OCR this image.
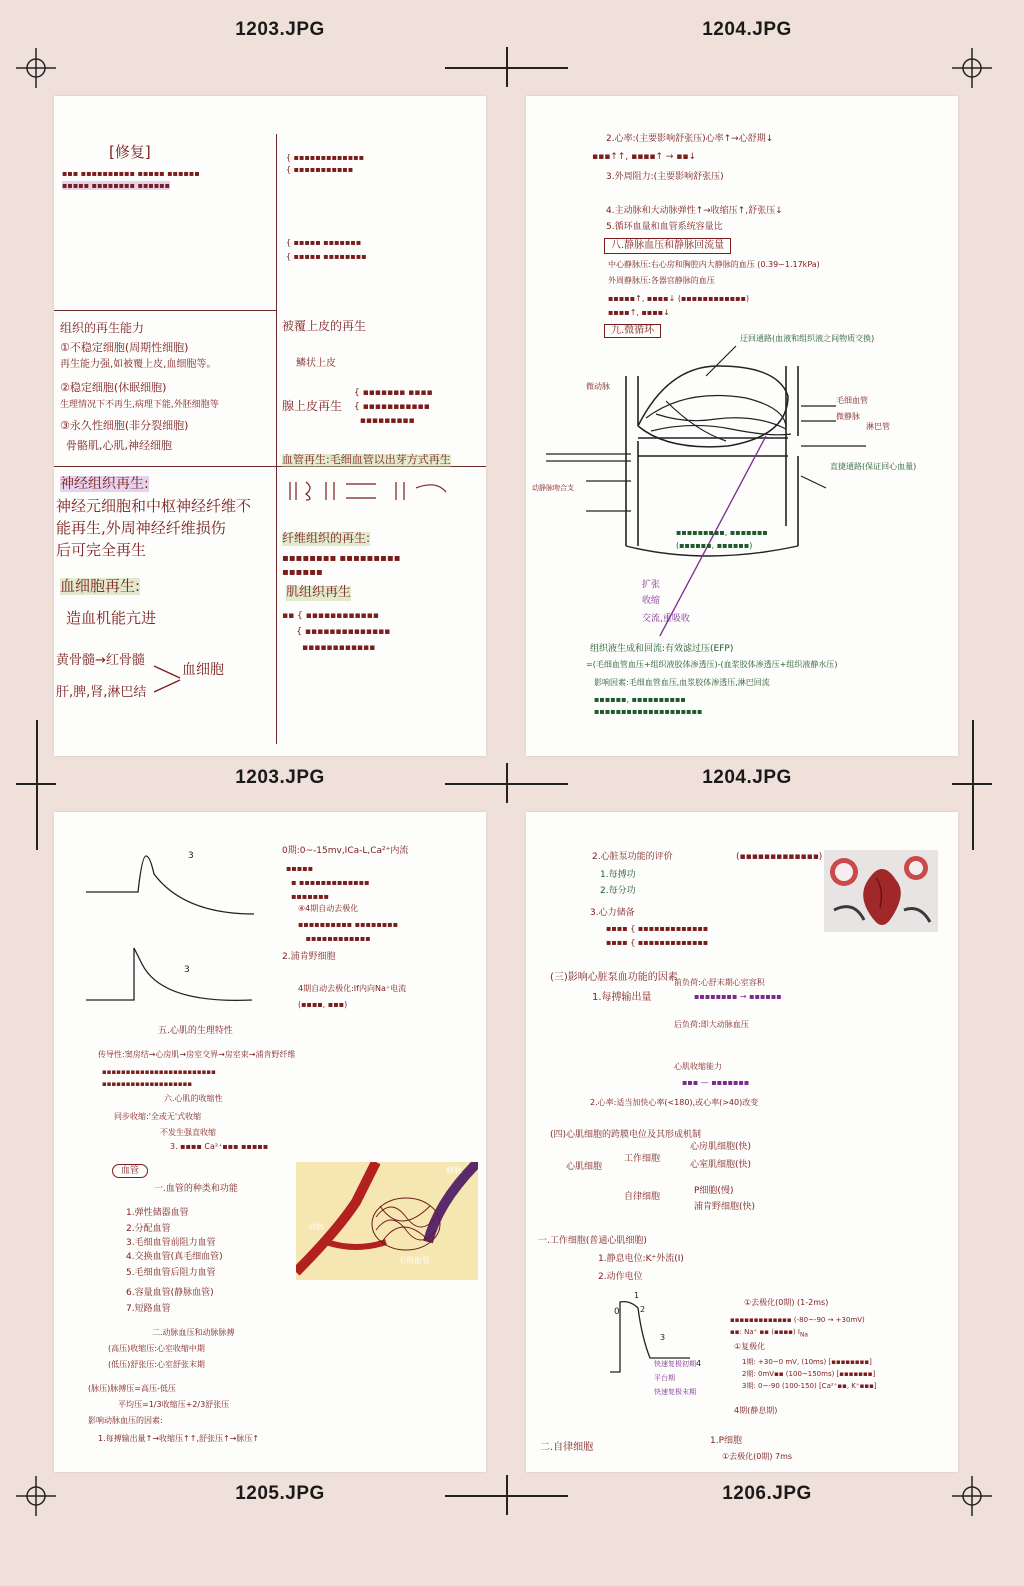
1203.JPG	1204.JPG
1203.JPG	1204.JPG
1205.JPG	1206.JPG
[修复]
▪▪▪ ▪▪▪▪▪▪▪▪▪▪ ▪▪▪▪▪ ▪▪▪▪▪▪
▪▪▪▪▪ ▪▪▪▪▪▪▪▪ ▪▪▪▪▪▪
组织的再生能力
①不稳定细胞(周期性细胞)
再生能力强,如被覆上皮,血细胞等。
②稳定细胞(休眠细胞)
生理情况下不再生,病理下能,外胚细胞等
③永久性细胞(非分裂细胞)
骨骼肌,心肌,神经细胞
神经组织再生:
神经元细胞和中枢神经纤维不
能再生,外周神经纤维损伤
后可完全再生
血细胞再生:
造血机能亢进
黄骨髓→红骨髓
肝,脾,肾,淋巴结
血细胞
{ ▪▪▪▪▪▪▪▪▪▪▪▪▪
{ ▪▪▪▪▪▪▪▪▪▪▪
{ ▪▪▪▪▪ ▪▪▪▪▪▪▪
{ ▪▪▪▪▪ ▪▪▪▪▪▪▪▪
被覆上皮的再生
鳞状上皮
腺上皮再生
{ ▪▪▪▪▪▪▪ ▪▪▪▪
{ ▪▪▪▪▪▪▪▪▪▪▪
▪▪▪▪▪▪▪▪▪
血管再生:毛细血管以出芽方式再生
纤维组织的再生:
▪▪▪▪▪▪▪▪ ▪▪▪▪▪▪▪▪▪
▪▪▪▪▪▪
肌组织再生
▪▪ { ▪▪▪▪▪▪▪▪▪▪▪▪
{ ▪▪▪▪▪▪▪▪▪▪▪▪▪▪
▪▪▪▪▪▪▪▪▪▪▪▪
2.心率:(主要影响舒张压)心率↑→心舒期↓
▪▪▪↑↑, ▪▪▪▪↑ → ▪▪↓
3.外周阻力:(主要影响舒张压)
4.主动脉和大动脉弹性↑→收缩压↑,舒张压↓
5.循环血量和血管系统容量比
八.静脉血压和静脉回流量
中心静脉压:右心房和胸腔内大静脉的血压 (0.39~1.17kPa)
外周静脉压:各器官静脉的血压
▪▪▪▪▪↑, ▪▪▪▪↓ (▪▪▪▪▪▪▪▪▪▪▪▪)
▪▪▪▪↑, ▪▪▪▪↓
九.微循环
迂回通路(血液和组织液之间物质交换)
微动脉
毛细血管
微静脉
淋巴管
直捷通路(保证回心血量)
动静脉吻合支
▪▪▪▪▪▪▪▪▪, ▪▪▪▪▪▪▪
(▪▪▪▪▪▪, ▪▪▪▪▪▪)
扩张
收缩
交流,重吸收
组织液生成和回流:有效滤过压(EFP)
=(毛细血管血压+组织液胶体渗透压)-(血浆胶体渗透压+组织液静水压)
影响因素:毛细血管血压,血浆胶体渗透压,淋巴回流
▪▪▪▪▪▪, ▪▪▪▪▪▪▪▪▪▪
▪▪▪▪▪▪▪▪▪▪▪▪▪▪▪▪▪▪▪▪
3
3
五.心肌的生理特性
0期:0~-15mv,ICa-L,Ca²⁺内流
▪▪▪▪▪
▪ ▪▪▪▪▪▪▪▪▪▪▪▪▪
▪▪▪▪▪▪▪
④4期自动去极化
▪▪▪▪▪▪▪▪▪▪ ▪▪▪▪▪▪▪▪
▪▪▪▪▪▪▪▪▪▪▪▪
2.浦肯野细胞
4期自动去极化:If内向Na⁺电流
(▪▪▪▪, ▪▪▪)
传导性:窦房结→心房肌→房室交界→房室束→浦肯野纤维
▪▪▪▪▪▪▪▪▪▪▪▪▪▪▪▪▪▪▪▪▪▪▪▪
▪▪▪▪▪▪▪▪▪▪▪▪▪▪▪▪▪▪▪
六.心肌的收缩性
同步收缩:'全或无'式收缩
不发生强直收缩
3. ▪▪▪▪ Ca²⁺▪▪▪ ▪▪▪▪▪
血管
一.血管的种类和功能
1.弹性储器血管
2.分配血管
3.毛细血管前阻力血管
4.交换血管(真毛细血管)
5.毛细血管后阻力血管
6.容量血管(静脉血管)
7.短路血管
动脉
毛细血管
静脉
二.动脉血压和动脉脉搏
(高压)收缩压:心室收缩中期
(低压)舒张压:心室舒张末期
(脉压)脉搏压=高压-低压
平均压=1/3收缩压+2/3舒张压
影响动脉血压的因素:
1.每搏输出量↑→收缩压↑↑,舒张压↑→脉压↑
2.心脏泵功能的评价	(▪▪▪▪▪▪▪▪▪▪▪▪▪)
1.每搏功
2.每分功
3.心力储备
▪▪▪▪ { ▪▪▪▪▪▪▪▪▪▪▪▪▪
▪▪▪▪ { ▪▪▪▪▪▪▪▪▪▪▪▪▪
(三)影响心脏泵血功能的因素
1.每搏输出量
前负荷:心舒末期心室容积
▪▪▪▪▪▪▪▪ → ▪▪▪▪▪▪
后负荷:即大动脉血压
心肌收缩能力
▪▪▪ — ▪▪▪▪▪▪▪
2.心率:适当加快心率(<180),或心率(>40)改变
(四)心肌细胞的跨膜电位及其形成机制
心肌细胞
工作细胞
自律细胞
心房肌细胞(快)
心室肌细胞(快)
P细胞(慢)
浦肯野细胞(快)
一.工作细胞(普通心肌细胞)
1.静息电位:K⁺外流(I)
2.动作电位
0
1
2
3
4
①去极化(0期) (1-2ms)
▪▪▪▪▪▪▪▪▪▪▪▪▪ (-80~-90 → +30mV)
▪▪: Na⁺ ▪▪ (▪▪▪▪) $I_{Na}$
①复极化
1期: +30~0 mV, (10ms) [▪▪▪▪▪▪▪▪]
2期: 0mV▪▪ (100~150ms) [▪▪▪▪▪▪▪]
3期: 0~-90 (100-150) [Ca²⁺▪▪, K⁺▪▪▪]
快速复极初期
平台期
快速复极末期
4期(静息期)
二.自律细胞
1.P细胞
①去极化(0期) 7ms
